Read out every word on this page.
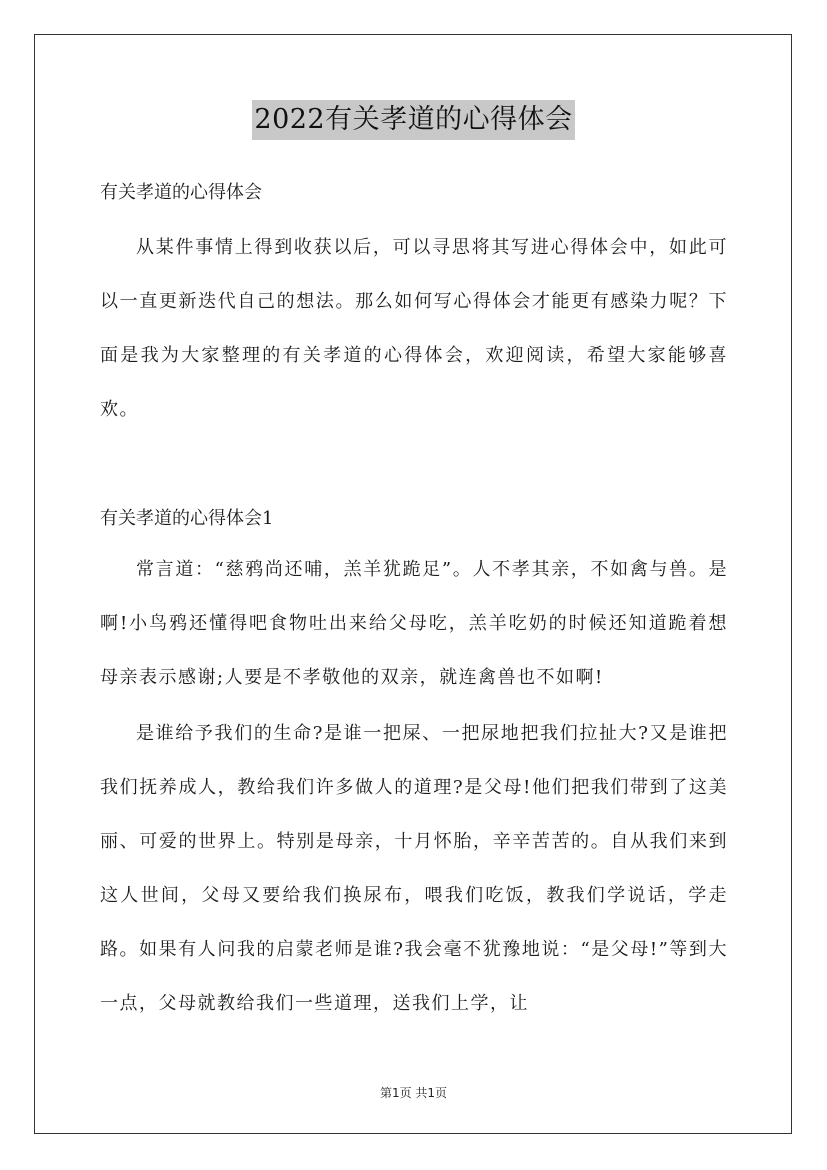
2022有关孝道的心得体会

有关孝道的心得体会

从某件事情上得到收获以后，可以寻思将其写进心得体会中，如此可以一直更新迭代自己的想法。那么如何写心得体会才能更有感染力呢？下面是我为大家整理的有关孝道的心得体会，欢迎阅读，希望大家能够喜欢。

有关孝道的心得体会1

常言道：“慈鸦尚还哺，羔羊犹跪足”。人不孝其亲，不如禽与兽。是啊!小鸟鸦还懂得吧食物吐出来给父母吃，羔羊吃奶的时候还知道跪着想母亲表示感谢;人要是不孝敬他的双亲，就连禽兽也不如啊!

是谁给予我们的生命?是谁一把屎、一把尿地把我们拉扯大?又是谁把我们抚养成人，教给我们许多做人的道理?是父母!他们把我们带到了这美丽、可爱的世界上。特别是母亲，十月怀胎，辛辛苦苦的。自从我们来到这人世间，父母又要给我们换尿布，喂我们吃饭，教我们学说话，学走路。如果有人问我的启蒙老师是谁?我会毫不犹豫地说：“是父母!”等到大一点，父母就教给我们一些道理，送我们上学，让

第1页 共1页
